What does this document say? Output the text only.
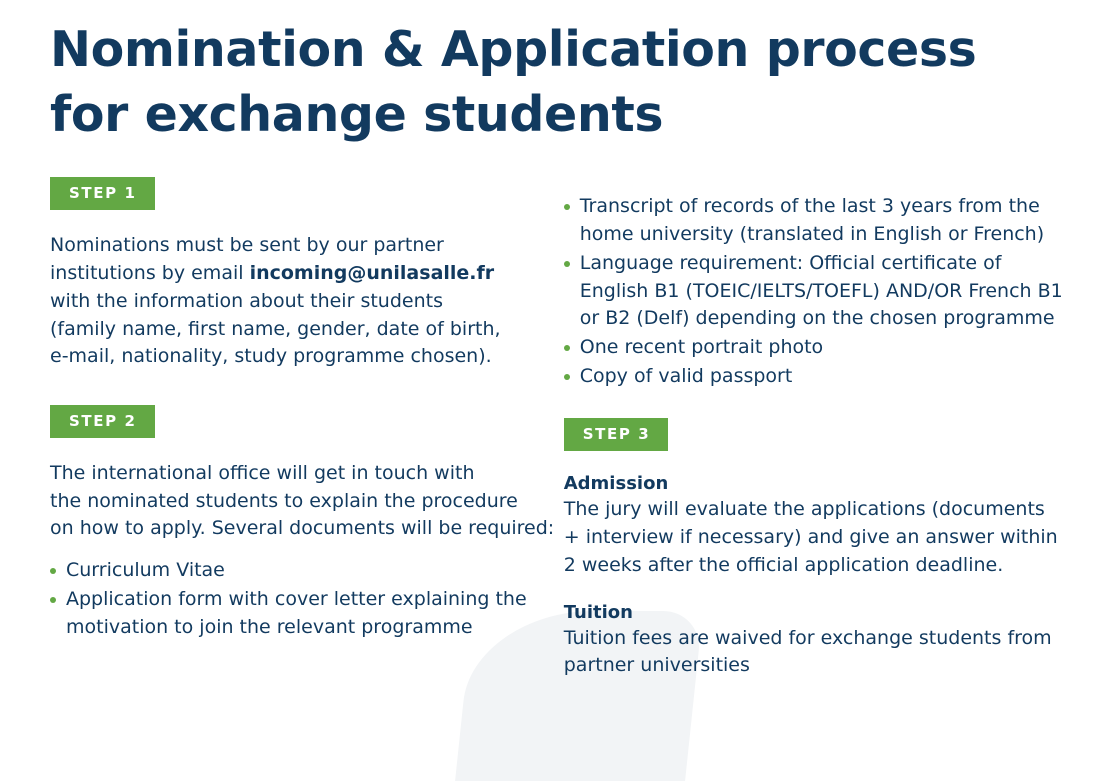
Nomination & Application process
for exchange students
STEP 1

Nominations must be sent by our partner
institutions by email incoming@unilasalle.fr
with the information about their students
(family name, first name, gender, date of birth,
e-mail, nationality, study programme chosen).

STEP 2

The international office will get in touch with
the nominated students to explain the procedure
on how to apply. Several documents will be required:

Curriculum Vitae
Application form with cover letter explaining the motivation to join the relevant programme
Transcript of records of the last 3 years from the home university (translated in English or French)
Language requirement: Official certificate of English B1 (TOEIC/IELTS/TOEFL) AND/OR French B1 or B2 (Delf) depending on the chosen programme
One recent portrait photo
Copy of valid passport
STEP 3
Admission

The jury will evaluate the applications (documents + interview if necessary) and give an answer within 2 weeks after the official application deadline.

Tuition

Tuition fees are waived for exchange students from partner universities
